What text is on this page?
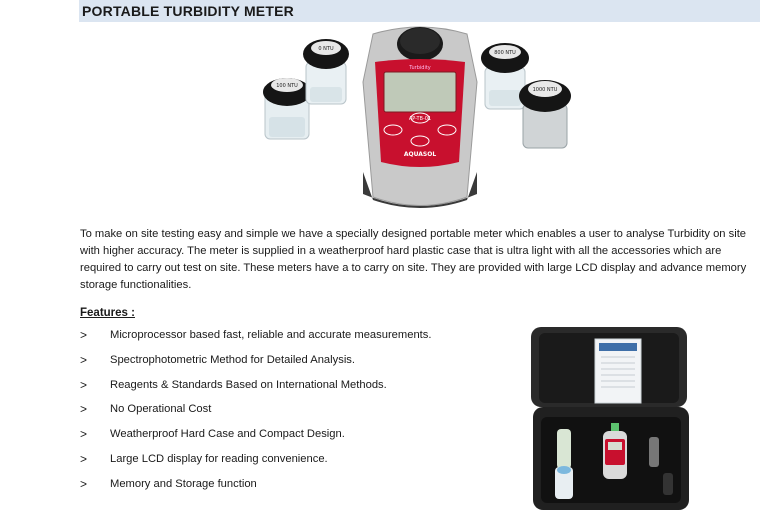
PORTABLE TURBIDITY METER
100 NTU
0 NTU
Turbidity
AP-TB-01
AQUASOL
800 NTU
1000 NTU
To make on site testing easy and simple we have a specially designed portable meter which enables a user to analyse Turbidity on site with higher accuracy. The meter is supplied in a weatherproof hard plastic case that is ultra light with all the accessories which are required to carry out test on site. These meters have a to carry on site. They are provided with large LCD display and advance memory storage functionalities.
Features :
>	Microprocessor based fast, reliable and accurate measurements.
>	Spectrophotometric Method for Detailed Analysis.
>	Reagents & Standards Based on International Methods.
>	No Operational Cost
>	Weatherproof Hard Case and Compact Design.
>	Large LCD display for reading convenience.
>	Memory and Storage function
